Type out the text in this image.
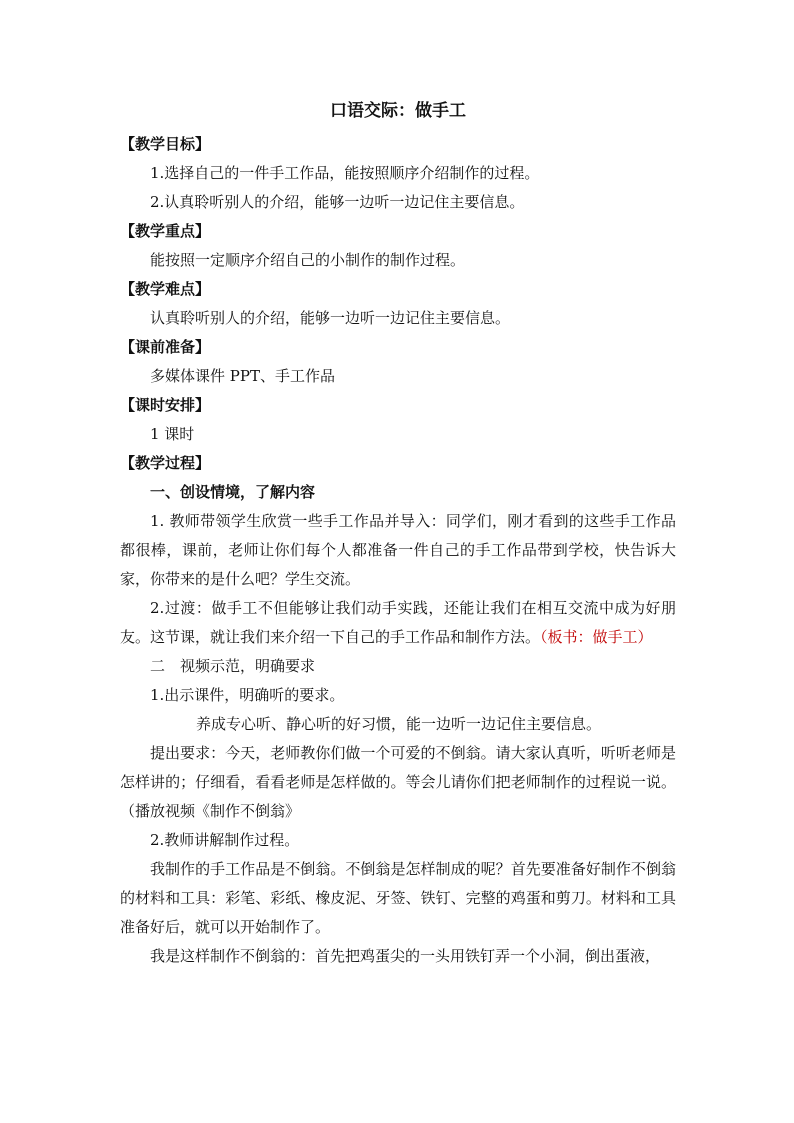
口语交际：做手工
【教学目标】
1.选择自己的一件手工作品，能按照顺序介绍制作的过程。
2.认真聆听别人的介绍，能够一边听一边记住主要信息。
【教学重点】
能按照一定顺序介绍自己的小制作的制作过程。
【教学难点】
认真聆听别人的介绍，能够一边听一边记住主要信息。
【课前准备】
多媒体课件 PPT、手工作品
【课时安排】
1 课时
【教学过程】
一、创设情境，了解内容
1. 教师带领学生欣赏一些手工作品并导入：同学们，刚才看到的这些手工作品都很棒，课前，老师让你们每个人都准备一件自己的手工作品带到学校，快告诉大家，你带来的是什么吧？学生交流。
2.过渡：做手工不但能够让我们动手实践，还能让我们在相互交流中成为好朋友。这节课，就让我们来介绍一下自己的手工作品和制作方法。（板书：做手工）
二　视频示范，明确要求
1.出示课件，明确听的要求。
养成专心听、静心听的好习惯，能一边听一边记住主要信息。
提出要求：今天，老师教你们做一个可爱的不倒翁。请大家认真听，听听老师是怎样讲的；仔细看，看看老师是怎样做的。等会儿请你们把老师制作的过程说一说。（播放视频《制作不倒翁》
2.教师讲解制作过程。
我制作的手工作品是不倒翁。不倒翁是怎样制成的呢？首先要准备好制作不倒翁的材料和工具：彩笔、彩纸、橡皮泥、牙签、铁钉、完整的鸡蛋和剪刀。材料和工具准备好后，就可以开始制作了。
我是这样制作不倒翁的：首先把鸡蛋尖的一头用铁钉弄一个小洞，倒出蛋液，
